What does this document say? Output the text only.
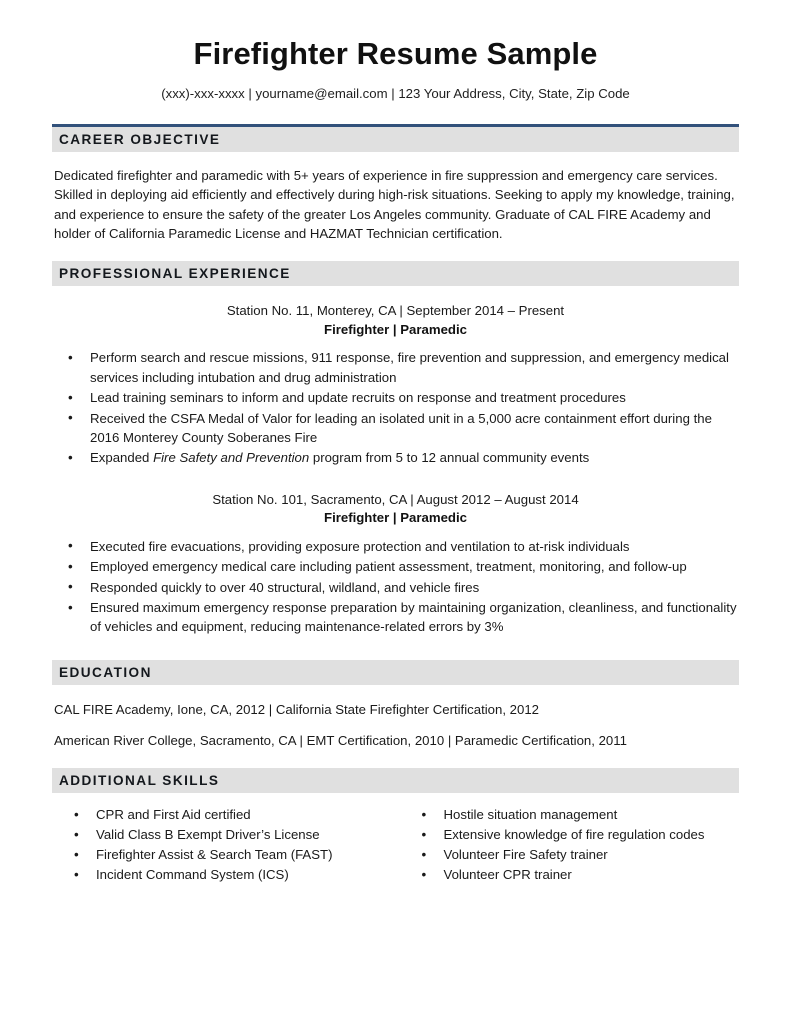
Firefighter Resume Sample

(xxx)-xxx-xxxx | yourname@email.com | 123 Your Address, City, State, Zip Code

CAREER OBJECTIVE

Dedicated firefighter and paramedic with 5+ years of experience in fire suppression and emergency care services. Skilled in deploying aid efficiently and effectively during high-risk situations. Seeking to apply my knowledge, training, and experience to ensure the safety of the greater Los Angeles community. Graduate of CAL FIRE Academy and holder of California Paramedic License and HAZMAT Technician certification.

PROFESSIONAL EXPERIENCE

Station No. 11, Monterey, CA | September 2014 – Present

Firefighter | Paramedic

• Perform search and rescue missions, 911 response, fire prevention and suppression, and emergency medical services including intubation and drug administration
• Lead training seminars to inform and update recruits on response and treatment procedures
• Received the CSFA Medal of Valor for leading an isolated unit in a 5,000 acre containment effort during the 2016 Monterey County Soberanes Fire
• Expanded Fire Safety and Prevention program from 5 to 12 annual community events

Station No. 101, Sacramento, CA | August 2012 – August 2014

Firefighter | Paramedic

• Executed fire evacuations, providing exposure protection and ventilation to at-risk individuals
• Employed emergency medical care including patient assessment, treatment, monitoring, and follow-up
• Responded quickly to over 40 structural, wildland, and vehicle fires
• Ensured maximum emergency response preparation by maintaining organization, cleanliness, and functionality of vehicles and equipment, reducing maintenance-related errors by 3%
EDUCATION

CAL FIRE Academy, Ione, CA, 2012 | California State Firefighter Certification, 2012

American River College, Sacramento, CA | EMT Certification, 2010 | Paramedic Certification, 2011

ADDITIONAL SKILLS
• CPR and First Aid certified
• Valid Class B Exempt Driver’s License
• Firefighter Assist & Search Team (FAST)
• Incident Command System (ICS)
• Hostile situation management
• Extensive knowledge of fire regulation codes
• Volunteer Fire Safety trainer
• Volunteer CPR trainer
